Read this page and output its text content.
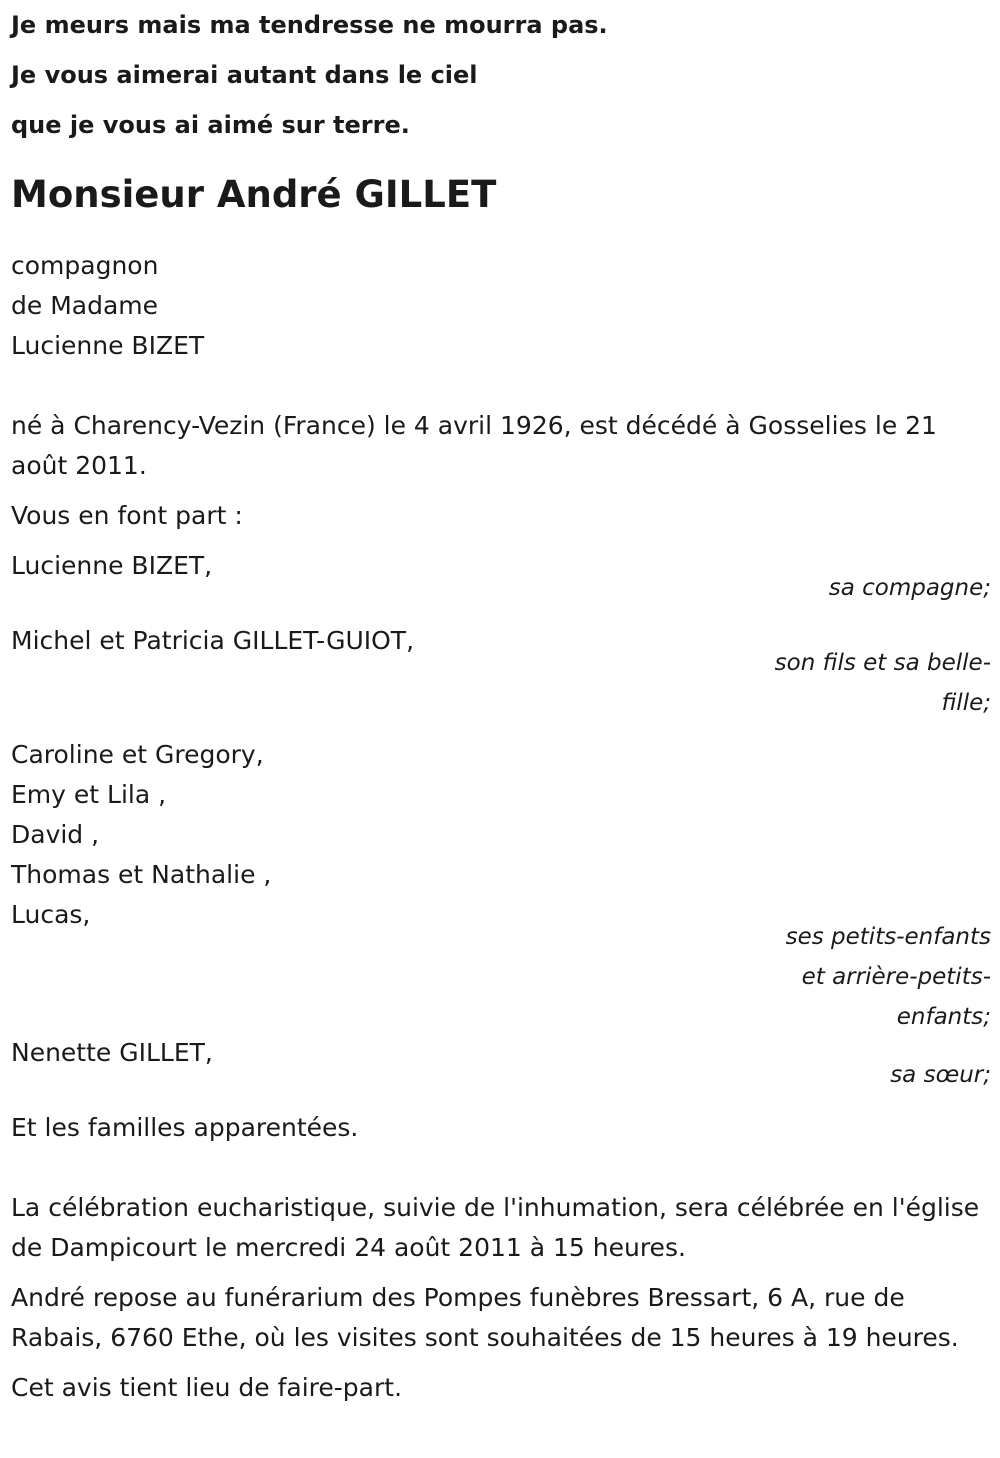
Je meurs mais ma tendresse ne mourra pas.
Je vous aimerai autant dans le ciel
que je vous ai aimé sur terre.
Monsieur André GILLET
compagnon
de Madame
Lucienne BIZET
né à Charency-Vezin (France) le 4 avril 1926, est décédé à Gosselies le 21 août 2011.
Vous en font part :
Lucienne BIZET,
sa compagne;
Michel et Patricia GILLET-GUIOT,
son fils et sa belle-fille;
Caroline et Gregory,
Emy et Lila ,
David ,
Thomas et Nathalie ,
Lucas,
ses petits-enfants et arrière-petits-enfants;
Nenette GILLET,
sa sœur;
Et les familles apparentées.
La célébration eucharistique, suivie de l'inhumation, sera célébrée en l'église de Dampicourt le mercredi 24 août 2011 à 15 heures.
André repose au funérarium des Pompes funèbres Bressart, 6 A, rue de Rabais, 6760 Ethe, où les visites sont souhaitées de 15 heures à 19 heures.
Cet avis tient lieu de faire-part.
